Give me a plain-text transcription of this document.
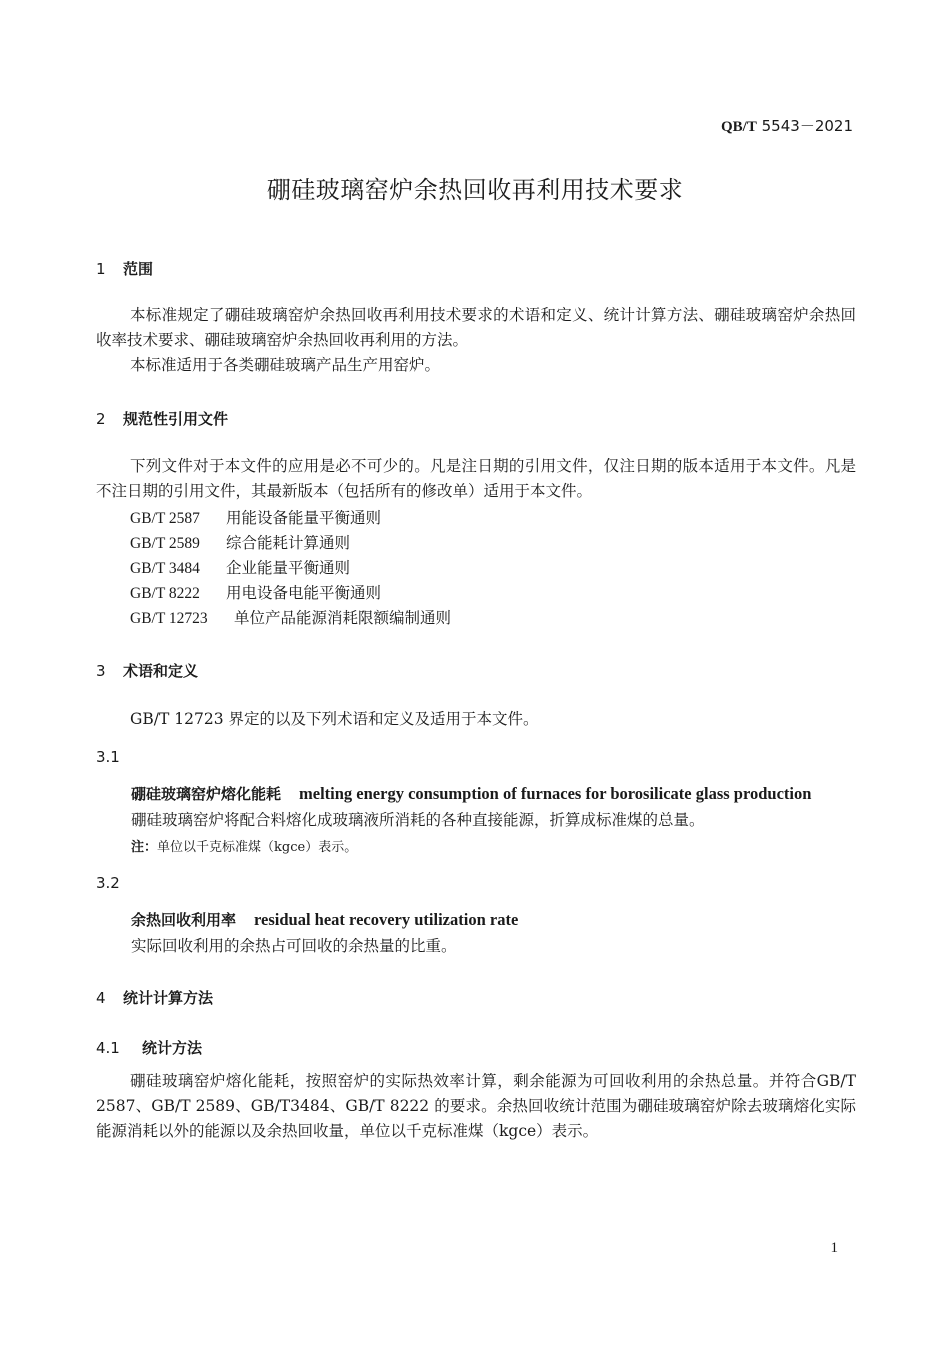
QB/T 5543－2021
硼硅玻璃窑炉余热回收再利用技术要求
1 范围

本标准规定了硼硅玻璃窑炉余热回收再利用技术要求的术语和定义、统计计算方法、硼硅玻璃窑炉余热回收率技术要求、硼硅玻璃窑炉余热回收再利用的方法。

本标准适用于各类硼硅玻璃产品生产用窑炉。

2 规范性引用文件

下列文件对于本文件的应用是必不可少的。凡是注日期的引用文件，仅注日期的版本适用于本文件。凡是不注日期的引用文件，其最新版本（包括所有的修改单）适用于本文件。

GB/T 2587 用能设备能量平衡通则
GB/T 2589 综合能耗计算通则
GB/T 3484 企业能量平衡通则
GB/T 8222 用电设备电能平衡通则
GB/T 12723 单位产品能源消耗限额编制通则
3 术语和定义
GB/T 12723 界定的以及下列术语和定义及适用于本文件。
3.1
硼硅玻璃窑炉熔化能耗 melting energy consumption of furnaces for borosilicate glass production
硼硅玻璃窑炉将配合料熔化成玻璃液所消耗的各种直接能源，折算成标准煤的总量。
注：单位以千克标准煤（kgce）表示。
3.2
余热回收利用率 residual heat recovery utilization rate
实际回收利用的余热占可回收的余热量的比重。
4 统计计算方法
4.1 统计方法

硼硅玻璃窑炉熔化能耗，按照窑炉的实际热效率计算，剩余能源为可回收利用的余热总量。并符合GB/T 2587、GB/T 2589、GB/T3484、GB/T 8222 的要求。余热回收统计范围为硼硅玻璃窑炉除去玻璃熔化实际能源消耗以外的能源以及余热回收量，单位以千克标准煤（kgce）表示。

1
